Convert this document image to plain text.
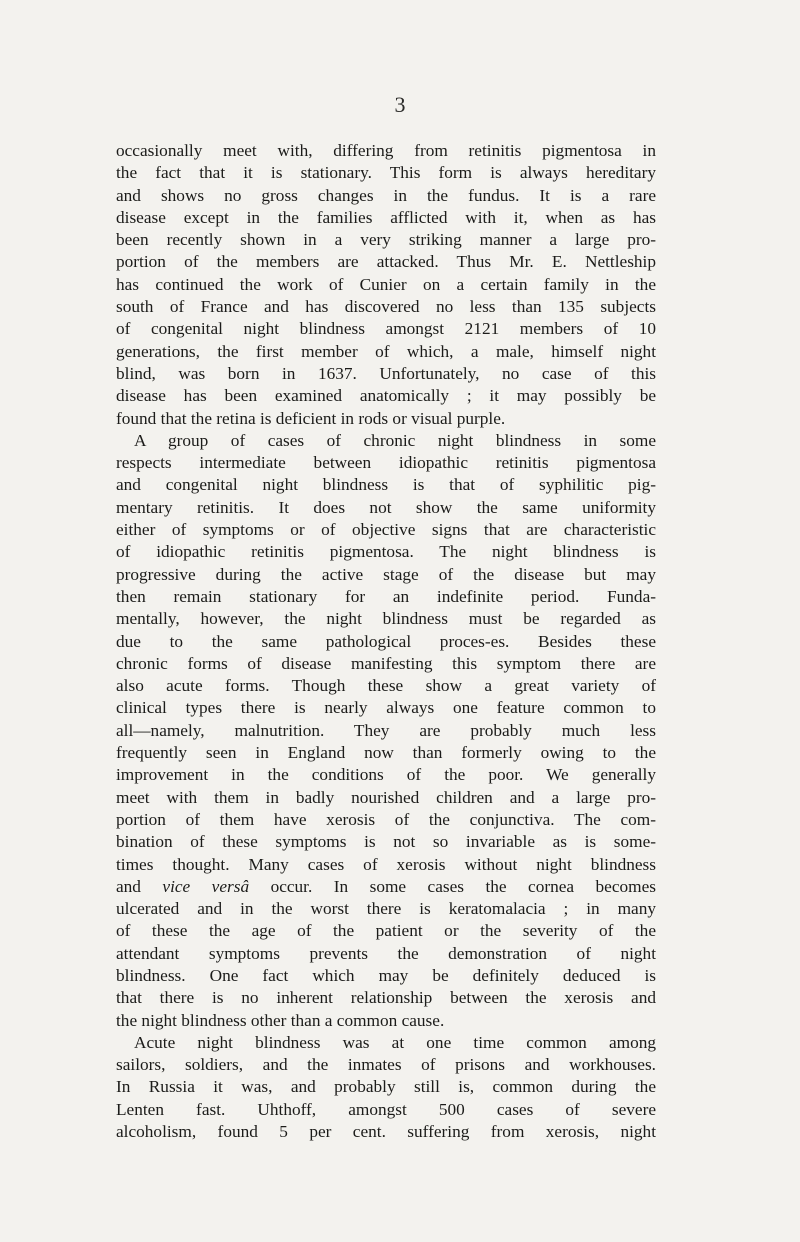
3
occasionally meet with, differing from retinitis pigmentosa in
the fact that it is stationary. This form is always hereditary
and shows no gross changes in the fundus. It is a rare
disease except in the families afflicted with it, when as has
been recently shown in a very striking manner a large pro-
portion of the members are attacked. Thus Mr. E. Nettleship
has continued the work of Cunier on a certain family in the
south of France and has discovered no less than 135 subjects
of congenital night blindness amongst 2121 members of 10
generations, the first member of which, a male, himself night
blind, was born in 1637. Unfortunately, no case of this
disease has been examined anatomically ; it may possibly be
found that the retina is deficient in rods or visual purple.
A group of cases of chronic night blindness in some
respects intermediate between idiopathic retinitis pigmentosa
and congenital night blindness is that of syphilitic pig-
mentary retinitis. It does not show the same uniformity
either of symptoms or of objective signs that are characteristic
of idiopathic retinitis pigmentosa. The night blindness is
progressive during the active stage of the disease but may
then remain stationary for an indefinite period. Funda-
mentally, however, the night blindness must be regarded as
due to the same pathological proces-es. Besides these
chronic forms of disease manifesting this symptom there are
also acute forms. Though these show a great variety of
clinical types there is nearly always one feature common to
all—namely, malnutrition. They are probably much less
frequently seen in England now than formerly owing to the
improvement in the conditions of the poor. We generally
meet with them in badly nourished children and a large pro-
portion of them have xerosis of the conjunctiva. The com-
bination of these symptoms is not so invariable as is some-
times thought. Many cases of xerosis without night blindness
and vice versâ occur. In some cases the cornea becomes
ulcerated and in the worst there is keratomalacia ; in many
of these the age of the patient or the severity of the
attendant symptoms prevents the demonstration of night
blindness. One fact which may be definitely deduced is
that there is no inherent relationship between the xerosis and
the night blindness other than a common cause.
Acute night blindness was at one time common among
sailors, soldiers, and the inmates of prisons and workhouses.
In Russia it was, and probably still is, common during the
Lenten fast. Uhthoff, amongst 500 cases of severe
alcoholism, found 5 per cent. suffering from xerosis, night
